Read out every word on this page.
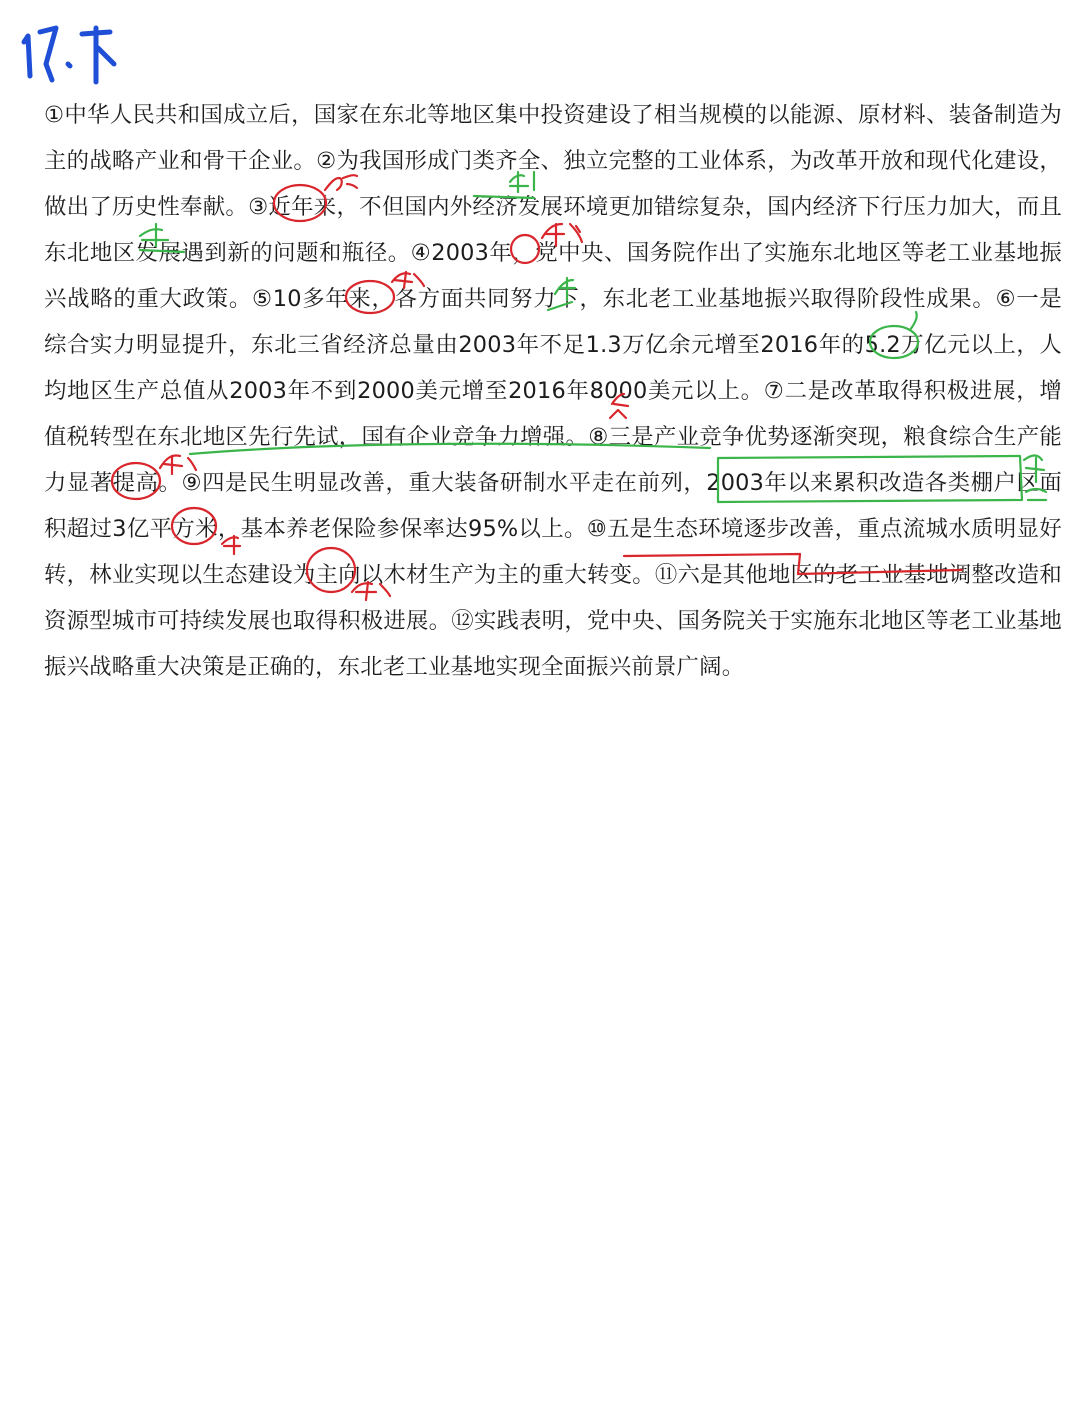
①中华人民共和国成立后，国家在东北等地区集中投资建设了相当规模的以能源、原材料、装备制造为主的战略产业和骨干企业。②为我国形成门类齐全、独立完整的工业体系，为改革开放和现代化建设，做出了历史性奉献。③近年来，不但国内外经济发展环境更加错综复杂，国内经济下行压力加大，而且东北地区发展遇到新的问题和瓶径。④2003年，党中央、国务院作出了实施东北地区等老工业基地振兴战略的重大政策。⑤10多年来，各方面共同努力下，东北老工业基地振兴取得阶段性成果。⑥一是综合实力明显提升，东北三省经济总量由2003年不足1.3万亿余元增至2016年的5.2万亿元以上，人均地区生产总值从2003年不到2000美元增至2016年8000美元以上。⑦二是改革取得积极进展，增值税转型在东北地区先行先试，国有企业竞争力增强。⑧三是产业竞争优势逐渐突现，粮食综合生产能力显著提高。⑨四是民生明显改善，重大装备研制水平走在前列，2003年以来累积改造各类棚户区面积超过3亿平方米，基本养老保险参保率达95%以上。⑩五是生态环境逐步改善，重点流城水质明显好转，林业实现以生态建设为主向以木材生产为主的重大转变。⑪六是其他地区的老工业基地调整改造和资源型城市可持续发展也取得积极进展。⑫实践表明，党中央、国务院关于实施东北地区等老工业基地振兴战略重大决策是正确的，东北老工业基地实现全面振兴前景广阔。
